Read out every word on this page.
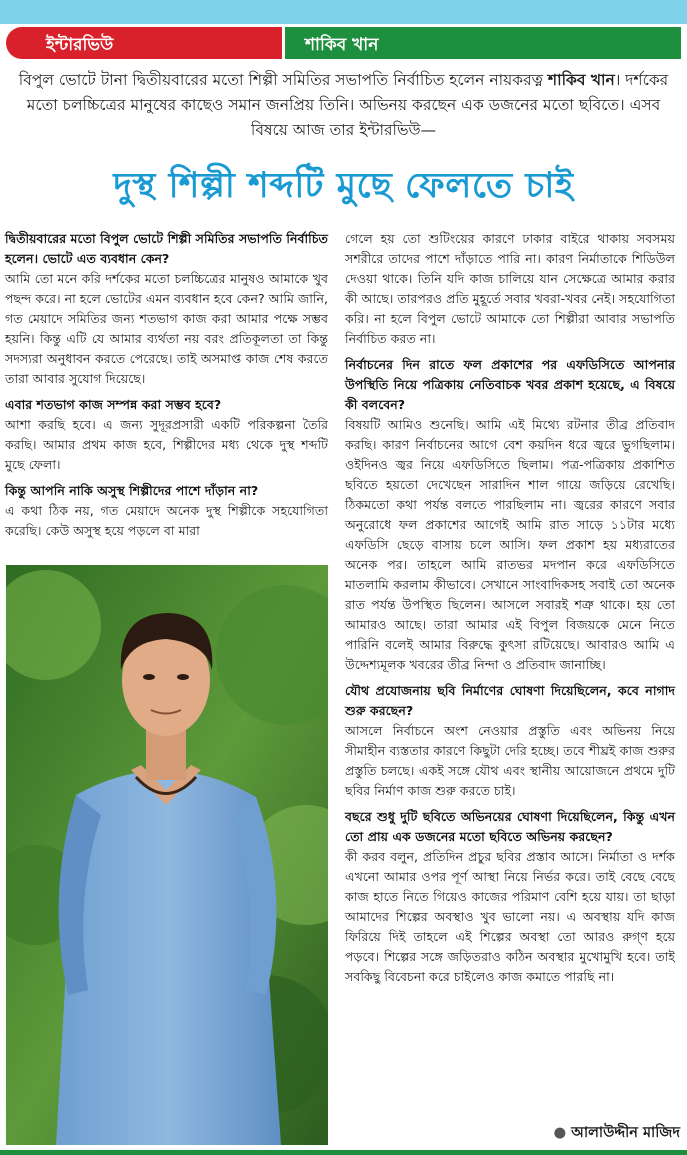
ইন্টারভিউ	শাকিব খান
বিপুল ভোটে টানা দ্বিতীয়বারের মতো শিল্পী সমিতির সভাপতি নির্বাচিত হলেন নায়করত্ন শাকিব খান। দর্শকের মতো চলচ্চিত্রের মানুষের কাছেও সমান জনপ্রিয় তিনি। অভিনয় করছেন এক ডজনের মতো ছবিতে। এসব বিষয়ে আজ তার ইন্টারভিউ—
দুস্থ শিল্পী শব্দটি মুছে ফেলতে চাই
দ্বিতীয়বারের মতো বিপুল ভোটে শিল্পী সমিতির সভাপতি নির্বাচিত হলেন। ভোটে এত ব্যবধান কেন?
আমি তো মনে করি দর্শকের মতো চলচ্চিত্রের মানুষও আমাকে খুব পছন্দ করে। না হলে ভোটের এমন ব্যবধান হবে কেন? আমি জানি, গত মেয়াদে সমিতির জন্য শতভাগ কাজ করা আমার পক্ষে সম্ভব হয়নি। কিন্তু এটি যে আমার ব্যর্থতা নয় বরং প্রতিকূলতা তা কিন্তু সদস্যরা অনুধাবন করতে পেরেছে। তাই অসমাপ্ত কাজ শেষ করতে তারা আবার সুযোগ দিয়েছে।
এবার শতভাগ কাজ সম্পন্ন করা সম্ভব হবে?
আশা করছি হবে। এ জন্য সুদূরপ্রসারী একটি পরিকল্পনা তৈরি করছি। আমার প্রথম কাজ হবে, শিল্পীদের মধ্য থেকে দুস্থ শব্দটি মুছে ফেলা।
কিন্তু আপনি নাকি অসুস্থ শিল্পীদের পাশে দাঁড়ান না?
এ কথা ঠিক নয়, গত মেয়াদে অনেক দুস্থ শিল্পীকে সহযোগিতা করেছি। কেউ অসুস্থ হয়ে পড়লে বা মারা
গেলে হয় তো শুটিংয়ের কারণে ঢাকার বাইরে থাকায় সবসময় সশরীরে তাদের পাশে দাঁড়াতে পারি না। কারণ নির্মাতাকে শিডিউল দেওয়া থাকে। তিনি যদি কাজ চালিয়ে যান সেক্ষেত্রে আমার করার কী আছে। তারপরও প্রতি মুহূর্তে সবার খবরা-খবর নেই। সহযোগিতা করি। না হলে বিপুল ভোটে আমাকে তো শিল্পীরা আবার সভাপতি নির্বাচিত করত না।
নির্বাচনের দিন রাতে ফল প্রকাশের পর এফডিসিতে আপনার উপস্থিতি নিয়ে পত্রিকায় নেতিবাচক খবর প্রকাশ হয়েছে, এ বিষয়ে কী বলবেন?
বিষয়টি আমিও শুনেছি। আমি এই মিথ্যে রটনার তীব্র প্রতিবাদ করছি। কারণ নির্বাচনের আগে বেশ কয়দিন ধরে জ্বরে ভুগছিলাম। ওইদিনও জ্বর নিয়ে এফডিসিতে ছিলাম। পত্র-পত্রিকায় প্রকাশিত ছবিতে হয়তো দেখেছেন সারাদিন শাল গায়ে জড়িয়ে রেখেছি। ঠিকমতো কথা পর্যন্ত বলতে পারছিলাম না। জ্বরের কারণে সবার অনুরোধে ফল প্রকাশের আগেই আমি রাত সাড়ে ১১টার মধ্যে এফডিসি ছেড়ে বাসায় চলে আসি। ফল প্রকাশ হয় মধ্যরাতের অনেক পর। তাহলে আমি রাতভর মদপান করে এফডিসিতে মাতলামি করলাম কীভাবে। সেখানে সাংবাদিকসহ সবাই তো অনেক রাত পর্যন্ত উপস্থিত ছিলেন। আসলে সবারই শত্রু থাকে। হয় তো আমারও আছে। তারা আমার এই বিপুল বিজয়কে মেনে নিতে পারিনি বলেই আমার বিরুদ্ধে কুৎসা রটিয়েছে। আবারও আমি এ উদ্দেশ্যমূলক খবরের তীব্র নিন্দা ও প্রতিবাদ জানাচ্ছি।
যৌথ প্রযোজনায় ছবি নির্মাণের ঘোষণা দিয়েছিলেন, কবে নাগাদ শুরু করছেন?
আসলে নির্বাচনে অংশ নেওয়ার প্রস্তুতি এবং অভিনয় নিয়ে সীমাহীন ব্যস্ততার কারণে কিছুটা দেরি হচ্ছে। তবে শীঘ্রই কাজ শুরুর প্রস্তুতি চলছে। একই সঙ্গে যৌথ এবং স্থানীয় আয়োজনে প্রথমে দুটি ছবির নির্মাণ কাজ শুরু করতে চাই।
বছরে শুধু দুটি ছবিতে অভিনয়ের ঘোষণা দিয়েছিলেন, কিন্তু এখন তো প্রায় এক ডজনের মতো ছবিতে অভিনয় করছেন?
কী করব বলুন, প্রতিদিন প্রচুর ছবির প্রস্তাব আসে। নির্মাতা ও দর্শক এখনো আমার ওপর পূর্ণ আস্থা নিয়ে নির্ভর করে। তাই বেছে বেছে কাজ হাতে নিতে গিয়েও কাজের পরিমাণ বেশি হয়ে যায়। তা ছাড়া আমাদের শিল্পের অবস্থাও খুব ভালো নয়। এ অবস্থায় যদি কাজ ফিরিয়ে দিই তাহলে এই শিল্পের অবস্থা তো আরও রুগ্ণ হয়ে পড়বে। শিল্পের সঙ্গে জড়িতরাও কঠিন অবস্থার মুখোমুখি হবে। তাই সবকিছু বিবেচনা করে চাইলেও কাজ কমাতে পারছি না।
● আলাউদ্দীন মাজিদ
